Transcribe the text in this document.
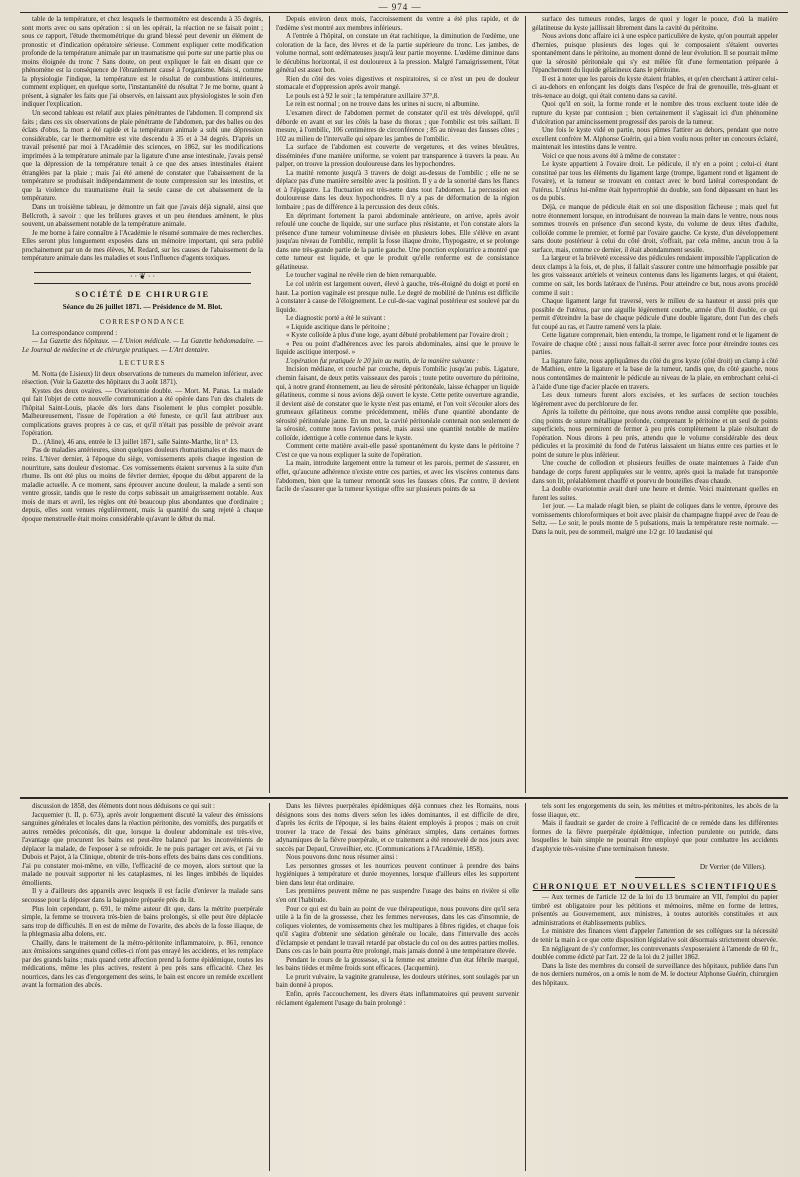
— 974 —

table de la température, et chez lesquels le thermomètre est descendu à 35 degrés, sont morts avec ou sans opération : si on les opérait, la réaction ne se faisait point ; sous ce rapport, l'étude thermométrique du grand blessé peut devenir un élément de pronostic et d'indication opératoire sérieuse. Comment expliquer cette modification profonde de la température animale par un traumatisme qui porte sur une partie plus ou moins éloignée du tronc ? Sans doute, on peut expliquer le fait en disant que ce phénomène est la conséquence de l'ébranlement causé à l'organisme. Mais si, comme la physiologie l'indique, la température est le résultat de combustions intérieures, comment expliquer, en quelque sorte, l'instantanéité du résultat ? Je me borne, quant à présent, à signaler les faits que j'ai observés, en laissant aux physiologistes le soin d'en indiquer l'explication.

Un second tableau est relatif aux plaies pénétrantes de l'abdomen. Il comprend six faits ; dans ces six observations de plaie pénétrante de l'abdomen, par des balles ou des éclats d'obus, la mort a été rapide et la température animale a subi une dépression considérable, car le thermomètre est vite descendu à 35 et à 34 degrés. D'après un travail présenté par moi à l'Académie des sciences, en 1862, sur les modifications imprimées à la température animale par la ligature d'une anse intestinale, j'avais pensé que la dépression de la température tenait à ce que des anses intestinales étaient étranglées par la plaie ; mais j'ai été amené de constater que l'abaissement de la température se produisait indépendamment de toute compression sur les intestins, et que la violence du traumatisme était la seule cause de cet abaissement de la température.

Dans un troisième tableau, je démontre un fait que j'avais déjà signalé, ainsi que Bellcroth, à savoir : que les brûlures graves et un peu étendues amènent, le plus souvent, un abaissement notable de la température animale.

Je me borne à faire connaître à l'Académie le résumé sommaire de mes recherches. Elles seront plus longuement exposées dans un mémoire important, qui sera publié prochainement par un de mes élèves, M. Redard, sur les causes de l'abaissement de la température animale dans les maladies et sous l'influence d'agents toxiques.

· · ❦ · ·
SOCIÉTÉ DE CHIRURGIE
Séance du 26 juillet 1871. — Présidence de M. Blot.
CORRESPONDANCE

La correspondance comprend :

— La Gazette des hôpitaux. — L'Union médicale. — La Gazette hebdomadaire. — Le Journal de médecine et de chirurgie pratiques. — L'Art dentaire.

LECTURES

M. Notta (de Lisieux) lit deux observations de tumeurs du mamelon inférieur, avec résection. (Voir la Gazette des hôpitaux du 3 août 1871).

Kystes des deux ovaires. — Ovariotomie double. — Mort. M. Panas. La malade qui fait l'objet de cette nouvelle communication a été opérée dans l'un des chalets de l'hôpital Saint-Louis, placée dès lors dans l'isolement le plus complet possible. Malheureusement, l'issue de l'opération a été funeste, ce qu'il faut attribuer aux complications graves propres à ce cas, et qu'il n'était pas possible de prévoir avant l'opération.

D... (Aline), 46 ans, entrée le 13 juillet 1871, salle Sainte-Marthe, lit n° 13.

Pas de maladies antérieures, sinon quelques douleurs rhumatismales et des maux de reins. L'hiver dernier, à l'époque du siège, vomissements après chaque ingestion de nourriture, sans douleur d'estomac. Ces vomissements étaient survenus à la suite d'un rhume. Ils ont été plus ou moins de février dernier, époque du début apparent de la maladie actuelle. A ce moment, sans éprouver aucune douleur, la malade a senti son ventre grossir, tandis que le reste du corps subissait un amaigrissement notable. Aux mois de mars et avril, les règles ont été beaucoup plus abondantes que d'ordinaire ; depuis, elles sont venues régulièrement, mais la quantité du sang rejeté à chaque époque menstruelle était moins considérable qu'avant le début du mal.

Depuis environ deux mois, l'accroissement du ventre a été plus rapide, et de l'œdème s'est montré aux membres inférieurs.

A l'entrée à l'hôpital, on constate un état rachitique, la diminution de l'œdème, une coloration de la face, des lèvres et de la partie supérieure du tronc. Les jambes, de volume normal, sont œdémateuses jusqu'à leur partie moyenne. L'œdème diminue dans le décubitus horizontal, il est douloureux à la pression. Malgré l'amaigrissement, l'état général est assez bon.

Rien du côté des voies digestives et respiratoires, si ce n'est un peu de douleur stomacale et d'oppression après avoir mangé.

Le pouls est à 92 le soir ; la température axillaire 37°,8.

Le rein est normal ; on ne trouve dans les urines ni sucre, ni albumine.

L'examen direct de l'abdomen permet de constater qu'il est très développé, qu'il déborde en avant et sur les côtés la base du thorax ; que l'ombilic est très saillant. Il mesure, à l'ombilic, 106 centimètres de circonférence ; 85 au niveau des fausses côtes ; 102 au milieu de l'intervalle qui sépare les jambes de l'ombilic.

La surface de l'abdomen est couverte de vergetures, et des veines bleuâtres, disséminées d'une manière uniforme, se voient par transparence à travers la peau. Au palper, on trouve la pression douloureuse dans les hypochondres.

La matité remonte jusqu'à 3 travers de doigt au-dessus de l'ombilic ; elle ne se déplace pas d'une manière sensible avec la position. Il y a de la sonorité dans les flancs et à l'épigastre. La fluctuation est très-nette dans tout l'abdomen. La percussion est douloureuse dans les deux hypochondres. Il n'y a pas de déformation de la région lombaire ; pas de différence à la percussion des deux côtés.

En déprimant fortement la paroi abdominale antérieure, on arrive, après avoir refoulé une couche de liquide, sur une surface plus résistante, et l'on constate alors la présence d'une tumeur volumineuse divisée en plusieurs lobes. Elle s'élève en avant jusqu'au niveau de l'ombilic, remplit la fosse iliaque droite, l'hypogastre, et se prolonge dans une très-grande partie de la partie gauche. Une ponction exploratrice a montré que cette tumeur est liquide, et que le produit qu'elle renferme est de consistance gélatineuse.

Le toucher vaginal ne révèle rien de bien remarquable.

Le col utérin est largement ouvert, élevé à gauche, très-éloigné du doigt et porté en haut. La portion vaginale est presque nulle. Le degré de mobilité de l'utérus est difficile à constater à cause de l'éloignement. Le cul-de-sac vaginal postérieur est soulevé par du liquide.

Le diagnostic porté a été le suivant :

« Liquide ascitique dans le péritoine ;

« Kyste colloïde à plus d'une loge, ayant débuté probablement par l'ovaire droit ;

« Peu ou point d'adhérences avec les parois abdominales, ainsi que le prouve le liquide ascitique interposé. »

L'opération fut pratiquée le 20 juin au matin, de la manière suivante :

Incision médiane, et couché par couche, depuis l'ombilic jusqu'au pubis. Ligature, chemin faisant, de deux petits vaisseaux des parois ; toute petite ouverture du péritoine, qui, à notre grand étonnement, au lieu de sérosité péritonéale, laisse échapper un liquide gélatineux, comme si nous avions déjà ouvert le kyste. Cette petite ouverture agrandie, il devient aisé de constater que le kyste n'est pas entamé, et l'on voit s'écouler alors des grumeaux gélatineux comme précédemment, mêlés d'une quantité abondante de sérosité péritonéale jaune. En un mot, la cavité péritonéale contenait non seulement de la sérosité, comme nous l'avions pensé, mais aussi une quantité notable de matière colloïde, identique à celle contenue dans le kyste.

Comment cette matière avait-elle passé spontanément du kyste dans le péritoine ? C'est ce que va nous expliquer la suite de l'opération.

La main, introduite largement entre la tumeur et les parois, permet de s'assurer, en effet, qu'aucune adhérence n'existe entre ces parties, et avec les viscères contenus dans l'abdomen, bien que la tumeur remontât sous les fausses côtes. Par contre, il devient facile de s'assurer que la tumeur kystique offre sur plusieurs points de sa

surface des tumeurs rondes, larges de quoi y loger le pouce, d'où la matière gélatineuse du kyste jaillissait librement dans la cavité du péritoine.

Nous avions donc affaire ici à une espèce particulière de kyste, qu'on pourrait appeler d'hernies, puisque plusieurs des loges qui le composaient s'étaient ouvertes spontanément dans le péritoine, au moment donné de leur évolution. Il se pourrait même que la sérosité péritonéale qui s'y est mêlée fût d'une fermentation préparée à l'épanchement du liquide gélatineux dans le péritoine.

Il est à noter que les parois du kyste étaient friables, et qu'en cherchant à attirer celui-ci au-dehors en enfonçant les doigts dans l'espèce de frai de grenouille, très-gluant et très-tenace au doigt, qui était contenu dans sa cavité.

Quoi qu'il en soit, la forme ronde et le nombre des trous excluent toute idée de rupture du kyste par contusion ; bien certainement il s'agissait ici d'un phénomène d'ulcération par amincissement progressif des parois de la tumeur.

Une fois le kyste vidé en partie, nous pûmes l'attirer au dehors, pendant que notre excellent confrère M. Alphonse Guérin, qui a bien voulu nous prêter un concours éclairé, maintenait les intestins dans le ventre.

Voici ce que nous avons été à même de constater :

Le kyste appartient à l'ovaire droit. Le pédicule, il n'y en a point ; celui-ci étant constitué par tous les éléments du ligament large (trompe, ligament rond et ligament de l'ovaire), et la tumeur se trouvant en contact avec le bord latéral correspondant de l'utérus. L'utérus lui-même était hypertrophié du double, son fond dépassant en haut les os du pubis.

Déjà, ce manque de pédicule était en soi une disposition fâcheuse ; mais quel fut notre étonnement lorsque, en introduisant de nouveau la main dans le ventre, nous nous sommes trouvés en présence d'un second kyste, du volume de deux têtes d'adulte, colloïde comme le premier, et formé par l'ovaire gauche. Ce kyste, d'un développement sans doute postérieur à celui du côté droit, s'offrait, par cela même, aucun trou à la surface, mais, comme ce dernier, il était abondamment sessile.

La largeur et la brièveté excessive des pédicules rendaient impossible l'application de deux clamps à la fois, et, de plus, il fallait s'assurer contre une hémorrhagie possible par les gros vaisseaux artériels et veineux contenus dans les ligaments larges, et qui étaient, comme on sait, les bords latéraux de l'utérus. Pour atteindre ce but, nous avons procédé comme il suit :

Chaque ligament large fut traversé, vers le milieu de sa hauteur et aussi près que possible de l'utérus, par une aiguille légèrement courbe, armée d'un fil double, ce qui permit d'étreindre la base de chaque pédicule d'une double ligature, dont l'un des chefs fut coupé au ras, et l'autre ramené vers la plaie.

Cette ligature comprenait, bien entendu, la trompe, le ligament rond et le ligament de l'ovaire de chaque côté ; aussi nous fallait-il serrer avec force pour étreindre toutes ces parties.

La ligature faite, nous appliquâmes du côté du gros kyste (côté droit) un clamp à côté de Mathieu, entre la ligature et la base de la tumeur, tandis que, du côté gauche, nous nous contentâmes de maintenir le pédicule au niveau de la plaie, en embrochant celui-ci à l'aide d'une tige d'acier placée en travers.

Les deux tumeurs furent alors excisées, et les surfaces de section touchées légèrement avec du perchlorure de fer.

Après la toilette du péritoine, que nous avons rendue aussi complète que possible, cinq points de suture métallique profonde, comprenant le péritoine et un seul de points superficiels, nous permirent de fermer à peu près complètement la plaie résultant de l'opération. Nous dirons à peu près, attendu que le volume considérable des deux pédicules et la proximité du fond de l'utérus laissaient un hiatus entre ces parties et le point de suture le plus inférieur.

Une couche de collodion et plusieurs feuilles de ouate maintenues à l'aide d'un bandage de corps furent appliquées sur le ventre, après quoi la malade fut transportée dans son lit, préalablement chauffé et pourvu de bouteilles d'eau chaude.

La double ovariotomie avait duré une heure et demie. Voici maintenant quelles en furent les suites.

1er jour. — La malade réagit bien, se plaint de coliques dans le ventre, éprouve des vomissements chloroformiques et boit avec plaisir du champagne frappé avec de l'eau de Seltz. — Le soir, le pouls monte de 5 pulsations, mais la température reste normale. — Dans la nuit, peu de sommeil, malgré une 1/2 gr. 10 laudanisé qui

discussion de 1858, des éléments dont nous déduisons ce qui suit :

Jacquemier (t. II, p. 673), après avoir longuement discuté la valeur des émissions sanguines générales et locales dans la réaction péritonite, des vomitifs, des purgatifs et autres remèdes préconisés, dit que, lorsque la douleur abdominale est très-vive, l'avantage que procurent les bains est peut-être balancé par les inconvénients de déplacer la malade, de l'exposer à se refroidir. Je ne puis partager cet avis, et j'ai vu Dubois et Pajot, à la Clinique, obtenir de très-bons effets des bains dans ces conditions. J'ai pu constater moi-même, en ville, l'efficacité de ce moyen, alors surtout que la malade ne pouvait supporter ni les cataplasmes, ni les linges imbibés de liquides émollients.

Il y a d'ailleurs des appareils avec lesquels il est facile d'enlever la malade sans secousse pour la déposer dans la baignoire préparée près du lit.

Plus loin cependant, p. 691, le même auteur dit que, dans la métrite puerpérale simple, la femme se trouvera très-bien de bains prolongés, si elle peut être déplacée sans trop de difficultés. Il en est de même de l'ovarite, des abcès de la fosse iliaque, de la phlegmasia alba dolens, etc.

Chailly, dans le traitement de la métro-péritonite inflammatoire, p. 861, renonce aux émissions sanguines quand celles-ci n'ont pas enrayé les accidents, et les remplace par des grands bains ; mais quand cette affection prend la forme épidémique, toutes les médications, même les plus actives, restent à peu près sans efficacité. Chez les nourrices, dans les cas d'engorgement des seins, le bain est encore un remède excellent avant la formation des abcès.

Dans les fièvres puerpérales épidémiques déjà connues chez les Romains, nous désignons sous des noms divers selon les idées dominantes, il est difficile de dire, d'après les écrits de l'époque, si les bains étaient employés à propos ; mais on croit trouver la trace de l'essai des bains généraux simples, dans certaines formes adynamiques de la fièvre puerpérale, et ce traitement a été renouvelé de nos jours avec succès par Depaul, Cruveilhier, etc. (Communications à l'Académie, 1858).

Nous pouvons donc nous résumer ainsi :

Les personnes grosses et les nourrices peuvent continuer à prendre des bains hygiéniques à température et durée moyennes, lorsque d'ailleurs elles les supportent bien dans leur état ordinaire.

Les premières peuvent même ne pas suspendre l'usage des bains en rivière si elle s'en ont l'habitude.

Pour ce qui est du bain au point de vue thérapeutique, nous pouvons dire qu'il sera utile à la fin de la grossesse, chez les femmes nerveuses, dans les cas d'insomnie, de coliques violentes, de vomissements chez les multipares à fibres rigides, et chaque fois qu'il s'agira d'obtenir une sédation générale ou locale, dans l'intervalle des accès d'éclampsie et pendant le travail retardé par obstacle du col ou des autres parties molles. Dans ces cas le bain pourra être prolongé, mais jamais donné à une température élevée.

Pendant le cours de la grossesse, si la femme est atteinte d'un état fébrile marqué, les bains tièdes et même froids sont efficaces. (Jacquemin).

Le prurit vulvaire, la vaginite granuleuse, les douleurs utérines, sont soulagés par un bain donné à propos.

Enfin, après l'accouchement, les divers états inflammatoires qui peuvent survenir réclament également l'usage du bain prolongé :

tels sont les engorgements du sein, les métrites et métro-péritonites, les abcès de la fosse iliaque, etc.

Mais il faudrait se garder de croire à l'efficacité de ce remède dans les différentes formes de la fièvre puerpérale épidémique, infection purulente ou putride, dans lesquelles le bain simple ne pourrait être employé que pour combattre les accidents d'asphyxie très-voisine d'une terminaison funeste.

Dr Verrier (de Villers).
CHRONIQUE ET NOUVELLES SCIENTIFIQUES

— Aux termes de l'article 12 de la loi du 13 brumaire an VII, l'emploi du papier timbré est obligatoire pour les pétitions et mémoires, même en forme de lettres, présentés au Gouvernement, aux ministres, à toutes autorités constituées et aux administrations et établissements publics.

Le ministre des finances vient d'appeler l'attention de ses collègues sur la nécessité de tenir la main à ce que cette disposition législative soit désormais strictement observée.

En négligeant de s'y conformer, les contrevenants s'exposeraient à l'amende de 60 fr., doublée comme édicté par l'art. 22 de la loi du 2 juillet 1862.

Dans la liste des membres du conseil de surveillance des hôpitaux, publiée dans l'un de nos derniers numéros, on a omis le nom de M. le docteur Alphonse Guérin, chirurgien des hôpitaux.
